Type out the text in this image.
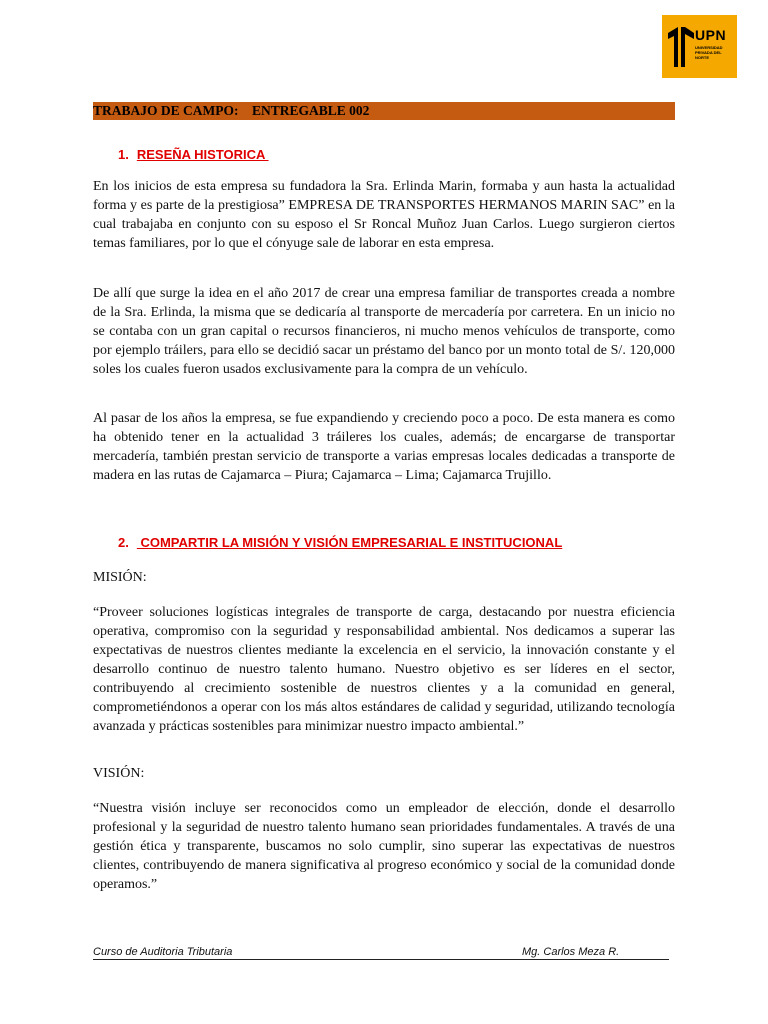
UPN
UNIVERSIDAD PRIVADA DEL NORTE
TRABAJO DE CAMPO:    ENTREGABLE 002
1. RESEÑA HISTORICA

En los inicios de esta empresa su fundadora la Sra. Erlinda Marin, formaba y aun hasta la actualidad forma y es parte de la prestigiosa” EMPRESA DE TRANSPORTES HERMANOS MARIN SAC” en la cual trabajaba en conjunto con su esposo el Sr Roncal Muñoz Juan Carlos. Luego surgieron ciertos temas familiares, por lo que el cónyuge sale de laborar en esta empresa.

De allí que surge la idea en el año 2017 de crear una empresa familiar de transportes creada a nombre de la Sra. Erlinda, la misma que se dedicaría al transporte de mercadería por carretera. En un inicio no se contaba con un gran capital o recursos financieros, ni mucho menos vehículos de transporte, como por ejemplo tráilers, para ello se decidió sacar un préstamo del banco por un monto total de S/. 120,000 soles los cuales fueron usados exclusivamente para la compra de un vehículo.

Al pasar de los años la empresa, se fue expandiendo y creciendo poco a poco. De esta manera es como ha obtenido tener en la actualidad 3 tráileres los cuales, además; de encargarse de transportar mercadería, también prestan servicio de transporte a varias empresas locales dedicadas a transporte de madera en las rutas de Cajamarca – Piura; Cajamarca – Lima; Cajamarca Trujillo.

2. COMPARTIR LA MISIÓN Y VISIÓN EMPRESARIAL E INSTITUCIONAL

MISIÓN:

“Proveer soluciones logísticas integrales de transporte de carga, destacando por nuestra eficiencia operativa, compromiso con la seguridad y responsabilidad ambiental. Nos dedicamos a superar las expectativas de nuestros clientes mediante la excelencia en el servicio, la innovación constante y el desarrollo continuo de nuestro talento humano. Nuestro objetivo es ser líderes en el sector, contribuyendo al crecimiento sostenible de nuestros clientes y a la comunidad en general, comprometiéndonos a operar con los más altos estándares de calidad y seguridad, utilizando tecnología avanzada y prácticas sostenibles para minimizar nuestro impacto ambiental.”

VISIÓN:

“Nuestra visión incluye ser reconocidos como un empleador de elección, donde el desarrollo profesional y la seguridad de nuestro talento humano sean prioridades fundamentales. A través de una gestión ética y transparente, buscamos no solo cumplir, sino superar las expectativas de nuestros clientes, contribuyendo de manera significativa al progreso económico y social de la comunidad donde operamos.”

Curso de Auditoria Tributaria	Mg. Carlos Meza R.
